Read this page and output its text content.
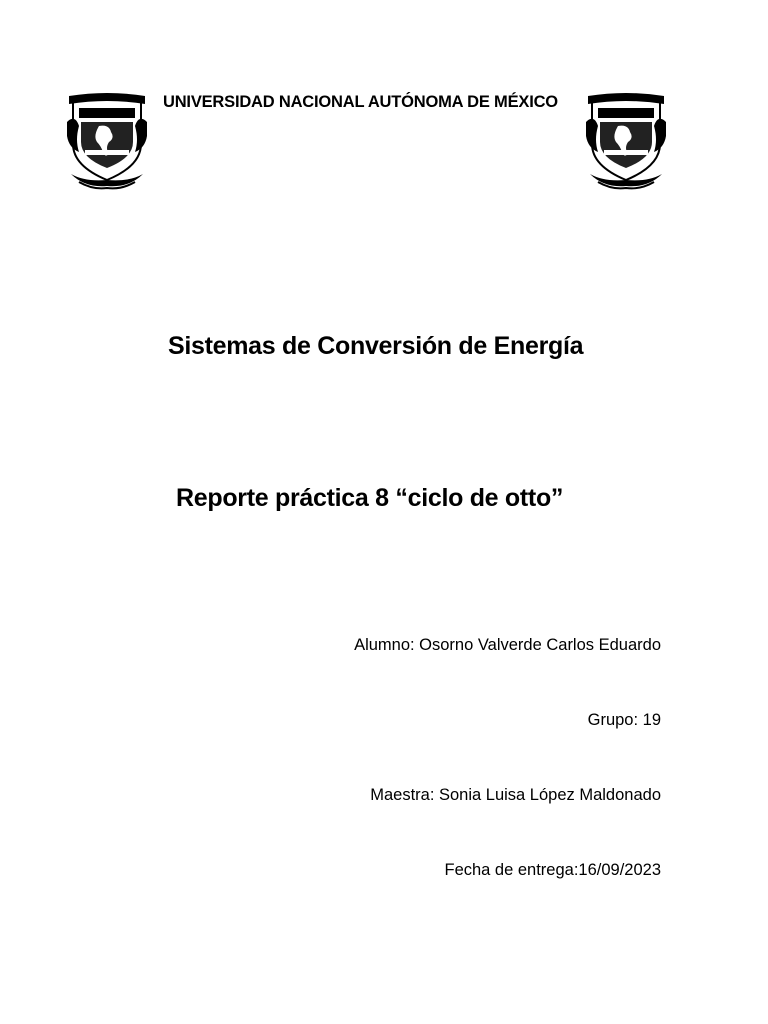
UNIVERSIDAD NACIONAL AUTÓNOMA DE MÉXICO
Sistemas de Conversión de Energía
Reporte práctica 8 “ciclo de otto”
Alumno: Osorno Valverde Carlos Eduardo
Grupo: 19
Maestra: Sonia Luisa López Maldonado
Fecha de entrega:16/09/2023
